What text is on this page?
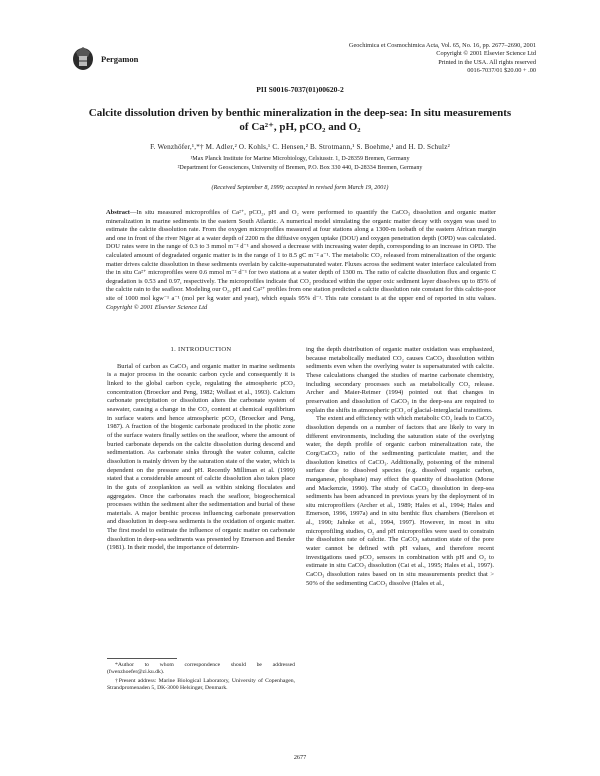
Pergamon
Geochimica et Cosmochimica Acta, Vol. 65, No. 16, pp. 2677–2690, 2001
Copyright © 2001 Elsevier Science Ltd
Printed in the USA. All rights reserved
0016-7037/01 $20.00 + .00
PII S0016-7037(01)00620-2
Calcite dissolution driven by benthic mineralization in the deep-sea: In situ measurements
of Ca²⁺, pH, pCO₂ and O₂
F. Wenzhöfer,¹,*† M. Adler,² O. Kohls,¹ C. Hensen,² B. Strotmann,¹ S. Boehme,¹ and H. D. Schulz²
¹Max Planck Institute for Marine Microbiology, Celsiusstr. 1, D-28359 Bremen, Germany
²Department for Geosciences, University of Bremen, P.O. Box 330 440, D-28334 Bremen, Germany
(Received September 8, 1999; accepted in revised form March 19, 2001)
Abstract—In situ measured microprofiles of Ca²⁺, pCO₂, pH and O₂ were performed to quantify the CaCO₃ dissolution and organic matter mineralization in marine sediments in the eastern South Atlantic. A numerical model simulating the organic matter decay with oxygen was used to estimate the calcite dissolution rate. From the oxygen microprofiles measured at four stations along a 1300-m isobath of the eastern African margin and one in front of the river Niger at a water depth of 2200 m the diffusive oxygen uptake (DOU) and oxygen penetration depth (OPD) was calculated. DOU rates were in the range of 0.3 to 3 mmol m⁻² d⁻¹ and showed a decrease with increasing water depth, corresponding to an increase in OPD. The calculated amount of degradated organic matter is in the range of 1 to 8.5 gC m⁻² a⁻¹. The metabolic CO₂ released from mineralization of the organic matter drives calcite dissolution in these sediments overlain by calcite-supersaturated water. Fluxes across the sediment water interface calculated from the in situ Ca²⁺ microprofiles were 0.6 mmol m⁻² d⁻¹ for two stations at a water depth of 1300 m. The ratio of calcite dissolution flux and organic C degradation is 0.53 and 0.97, respectively. The microprofiles indicate that CO₂ produced within the upper oxic sediment layer dissolves up to 85% of the calcite rain to the seafloor. Modeling our O₂, pH and Ca²⁺ profiles from one station predicted a calcite dissolution rate constant for this calcite-poor site of 1000 mol kgw⁻¹ a⁻¹ (mol per kg water and year), which equals 95% d⁻¹. This rate constant is at the upper end of reported in situ values. Copyright © 2001 Elsevier Science Ltd
1. INTRODUCTION

Burial of carbon as CaCO₃ and organic matter in marine sediments is a major process in the oceanic carbon cycle and consequently it is linked to the global carbon cycle, regulating the atmospheric pCO₂ concentration (Broecker and Peng, 1982; Wollast et al., 1993). Calcium carbonate precipitation or dissolution alters the carbonate system of seawater, causing a change in the CO₂ content at chemical equilibrium in surface waters and hence atmospheric pCO₂ (Broecker and Peng, 1987). A fraction of the biogenic carbonate produced in the photic zone of the surface waters finally settles on the seafloor, where the amount of buried carbonate depends on the calcite dissolution during descend and sedimentation. As carbonate sinks through the water column, calcite dissolution is mainly driven by the saturation state of the water, which is dependent on the pressure and pH. Recently Milliman et al. (1999) stated that a considerable amount of calcite dissolution also takes place in the guts of zooplankton as well as within sinking floculates and aggregates. Once the carbonates reach the seafloor, biogeochemical processes within the sediment alter the sedimentation and burial of these materials. A major benthic process influencing carbonate preservation and dissolution in deep-sea sediments is the oxidation of organic matter. The first model to estimate the influence of organic matter on carbonate dissolution in deep-sea sediments was presented by Emerson and Bender (1981). In their model, the importance of determin-

ing the depth distribution of organic matter oxidation was emphasized, because metabolically mediated CO₂ causes CaCO₃ dissolution within sediments even when the overlying water is supersaturated with calcite. These calculations changed the studies of marine carbonate chemistry, including secondary processes such as metabolically CO₂ release. Archer and Maier-Reimer (1994) pointed out that changes in preservation and dissolution of CaCO₃ in the deep-sea are required to explain the shifts in atmospheric pCO₂ of glacial-interglacial transitions.

The extent and efficiency with which metabolic CO₂ leads to CaCO₃ dissolution depends on a number of factors that are likely to vary in different environments, including the saturation state of the overlying water, the depth profile of organic carbon mineralization rate, the Corg/CaCO₃ ratio of the sedimenting particulate matter, and the dissolution kinetics of CaCO₃. Additionally, poisoning of the mineral surface due to dissolved species (e.g. dissolved organic carbon, manganese, phosphate) may effect the quantity of dissolution (Morse and Mackenzie, 1990). The study of CaCO₃ dissolution in deep-sea sediments has been advanced in previous years by the deployment of in situ microprofilers (Archer et al., 1989; Hales et al., 1994; Hales and Emerson, 1996, 1997a) and in situ benthic flux chambers (Berelson et al., 1990; Jahnke et al., 1994, 1997). However, in most in situ microprofiling studies, O₂ and pH microprofiles were used to constrain the dissolution rate of calcite. The CaCO₃ saturation state of the pore water cannot be defined with pH values, and therefore recent investigations used pCO₂ sensors in combination with pH and O₂ to estimate in situ CaCO₃ dissolution (Cai et al., 1995; Hales et al., 1997). CaCO₃ dissolution rates based on in situ measurements predict that > 50% of the sedimenting CaCO₃ dissolve (Hales et al.,

*Author to whom correspondence should be addressed (fwenzhoefer@zi.ku.dk).

†Present address: Marine Biological Laboratory, University of Copenhagen, Strandpromenaden 5, DK-3000 Helsingør, Denmark.

2677
